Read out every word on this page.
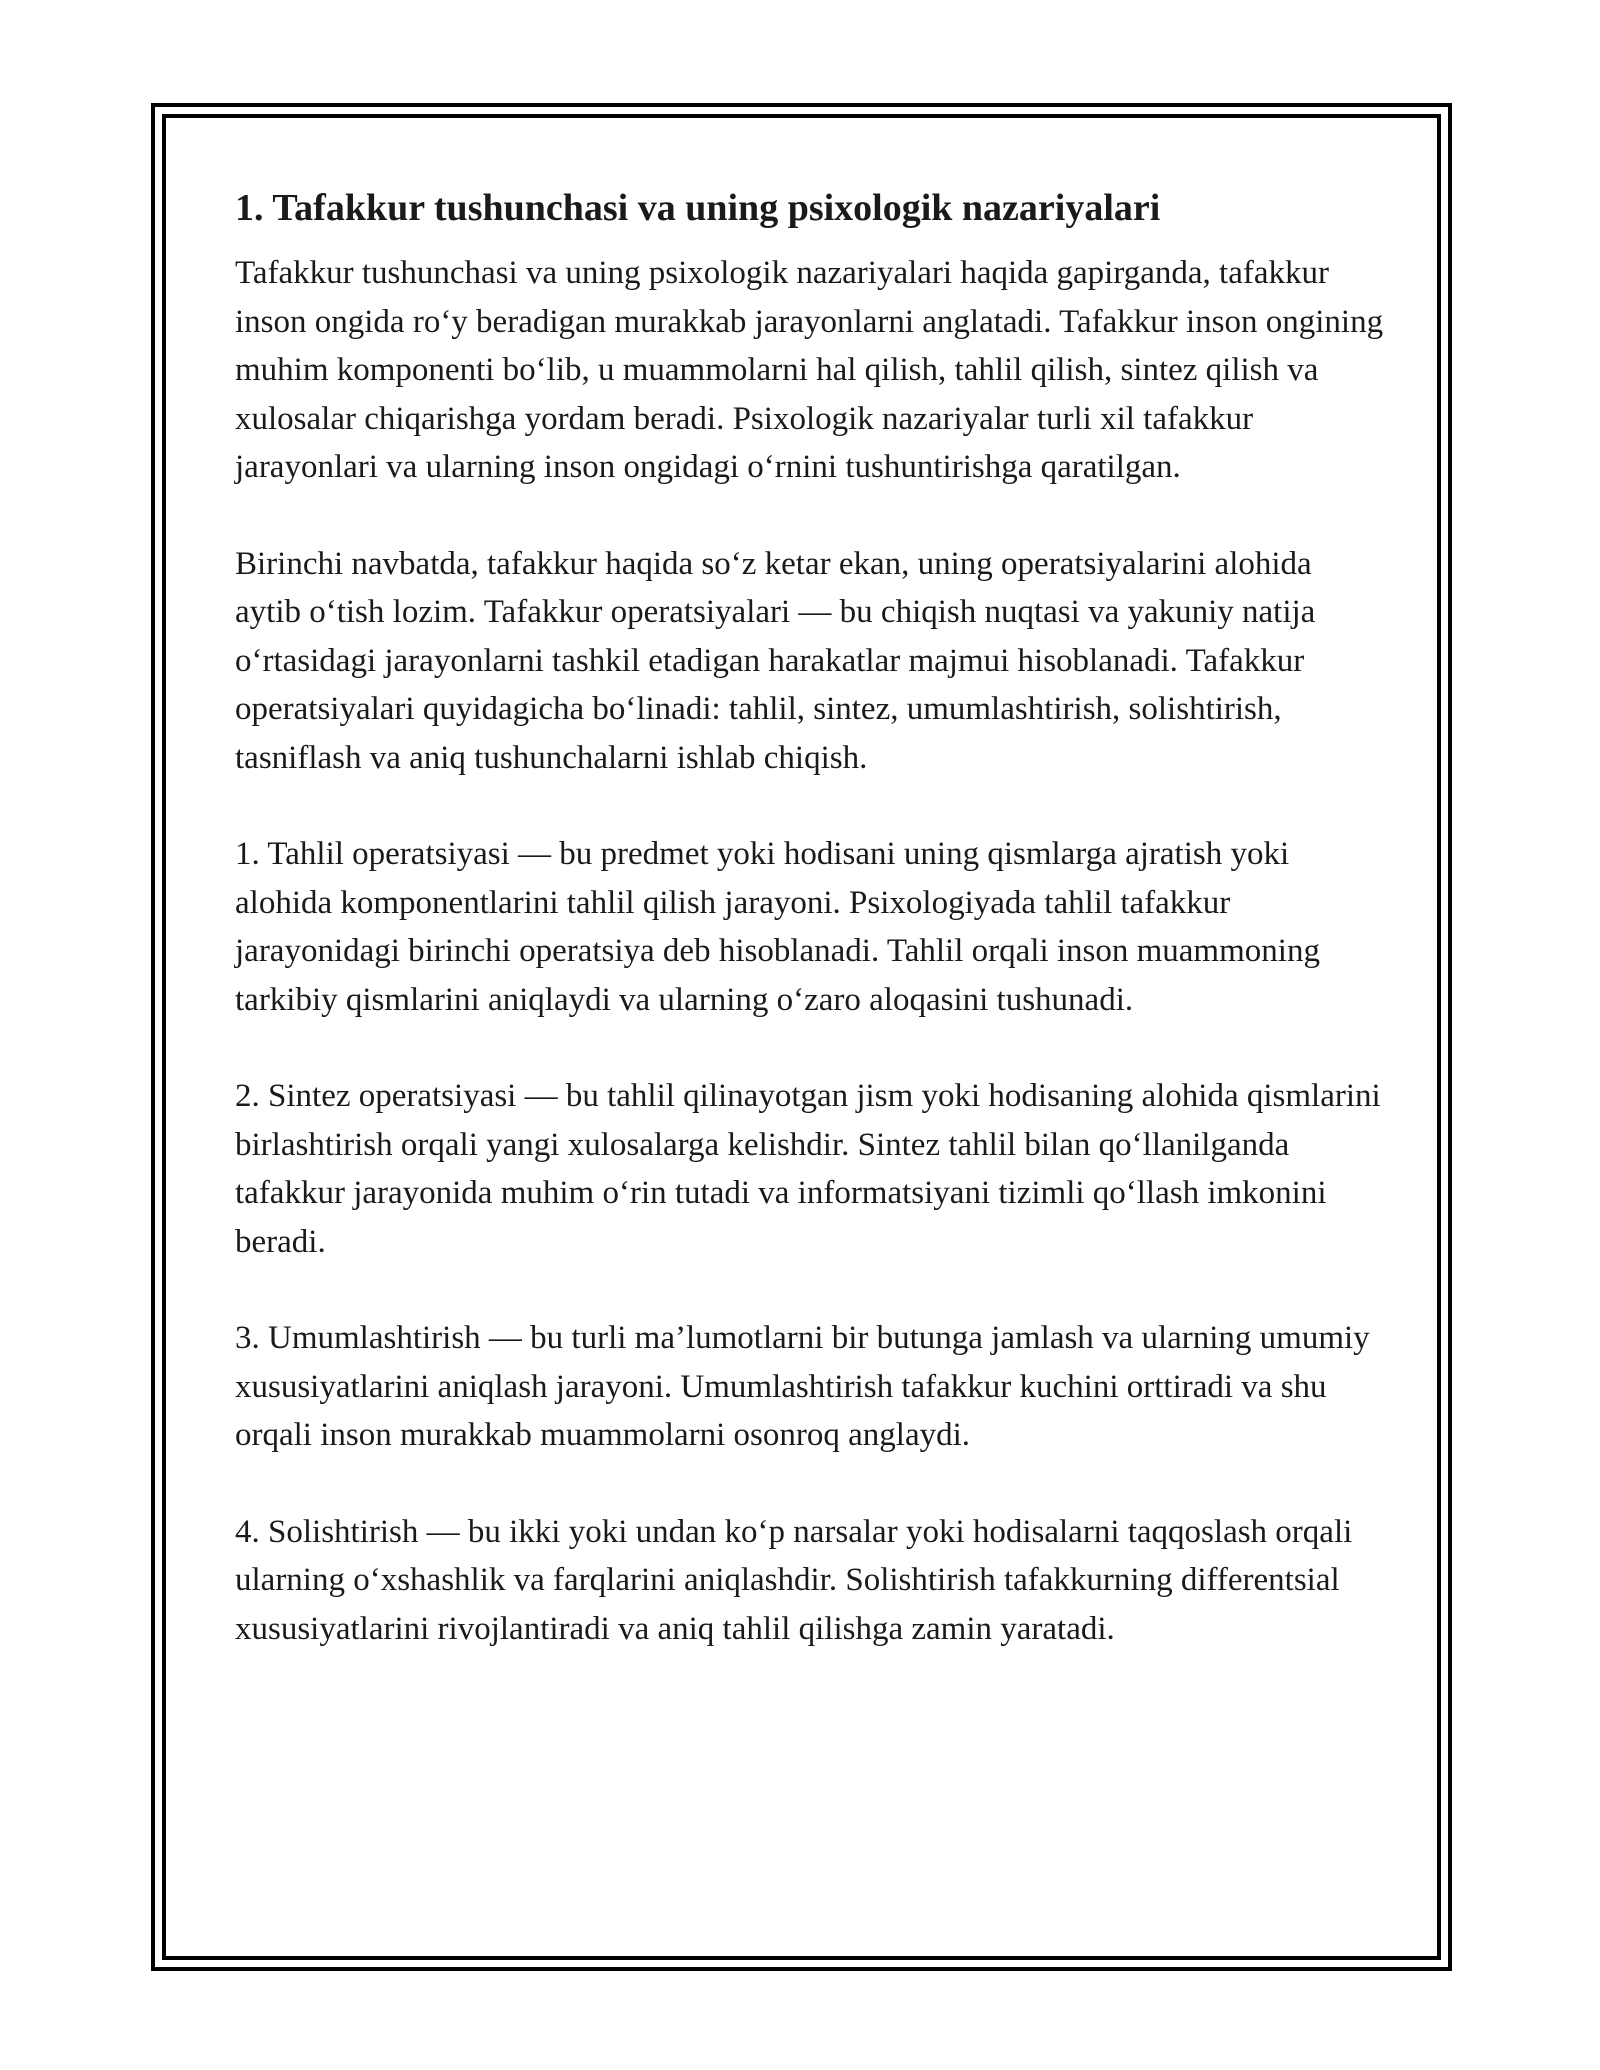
1. Tafakkur tushunchasi va uning psixologik nazariyalari

Tafakkur tushunchasi va uning psixologik nazariyalari haqida gapirganda, tafakkur inson ongida ro‘y beradigan murakkab jarayonlarni anglatadi. Tafakkur inson ongining muhim komponenti bo‘lib, u muammolarni hal qilish, tahlil qilish, sintez qilish va xulosalar chiqarishga yordam beradi. Psixologik nazariyalar turli xil tafakkur jarayonlari va ularning inson ongidagi o‘rnini tushuntirishga qaratilgan.

Birinchi navbatda, tafakkur haqida so‘z ketar ekan, uning operatsiyalarini alohida aytib o‘tish lozim. Tafakkur operatsiyalari — bu chiqish nuqtasi va yakuniy natija o‘rtasidagi jarayonlarni tashkil etadigan harakatlar majmui hisoblanadi. Tafakkur operatsiyalari quyidagicha bo‘linadi: tahlil, sintez, umumlashtirish, solishtirish, tasniflash va aniq tushunchalarni ishlab chiqish.

1. Tahlil operatsiyasi — bu predmet yoki hodisani uning qismlarga ajratish yoki alohida komponentlarini tahlil qilish jarayoni. Psixologiyada tahlil tafakkur jarayonidagi birinchi operatsiya deb hisoblanadi. Tahlil orqali inson muammoning tarkibiy qismlarini aniqlaydi va ularning o‘zaro aloqasini tushunadi.

2. Sintez operatsiyasi — bu tahlil qilinayotgan jism yoki hodisaning alohida qismlarini birlashtirish orqali yangi xulosalarga kelishdir. Sintez tahlil bilan qo‘llanilganda tafakkur jarayonida muhim o‘rin tutadi va informatsiyani tizimli qo‘llash imkonini beradi.

3. Umumlashtirish — bu turli ma’lumotlarni bir butunga jamlash va ularning umumiy xususiyatlarini aniqlash jarayoni. Umumlashtirish tafakkur kuchini orttiradi va shu orqali inson murakkab muammolarni osonroq anglaydi.

4. Solishtirish — bu ikki yoki undan ko‘p narsalar yoki hodisalarni taqqoslash orqali ularning o‘xshashlik va farqlarini aniqlashdir. Solishtirish tafakkurning differentsial xususiyatlarini rivojlantiradi va aniq tahlil qilishga zamin yaratadi.
